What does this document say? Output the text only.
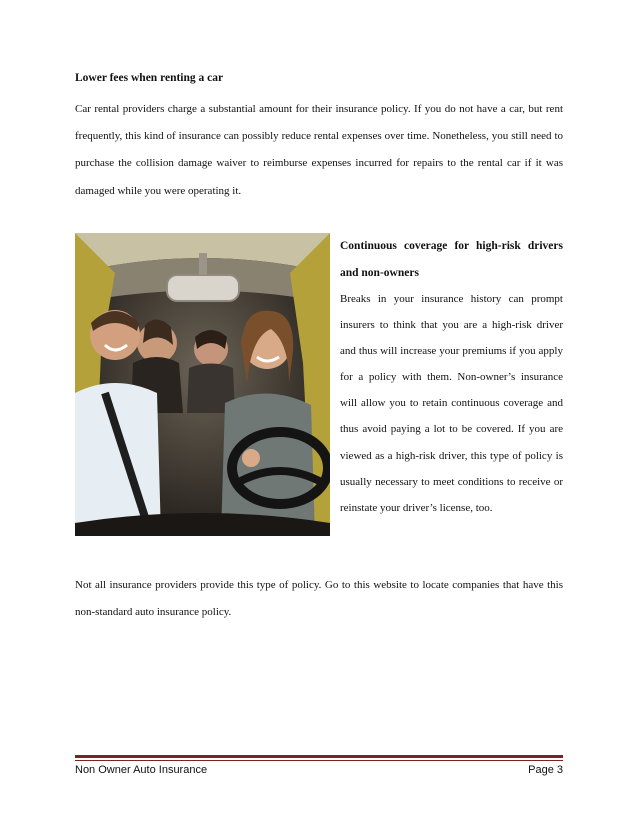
Lower fees when renting a car

Car rental providers charge a substantial amount for their insurance policy. If you do not have a car, but rent frequently, this kind of insurance can possibly reduce rental expenses over time. Nonetheless, you still need to purchase the collision damage waiver to reimburse expenses incurred for repairs to the rental car if it was damaged while you were operating it.

Continuous coverage for high-risk drivers and non-owners

Breaks in your insurance history can prompt insurers to think that you are a high-risk driver and thus will increase your premiums if you apply for a policy with them. Non-owner’s insurance will allow you to retain continuous coverage and thus avoid paying a lot to be covered. If you are viewed as a high-risk driver, this type of policy is usually necessary to meet conditions to receive or reinstate your driver’s license, too.

Not all insurance providers provide this type of policy. Go to this website to locate companies that have this non-standard auto insurance policy.

Non Owner Auto Insurance	Page 3
